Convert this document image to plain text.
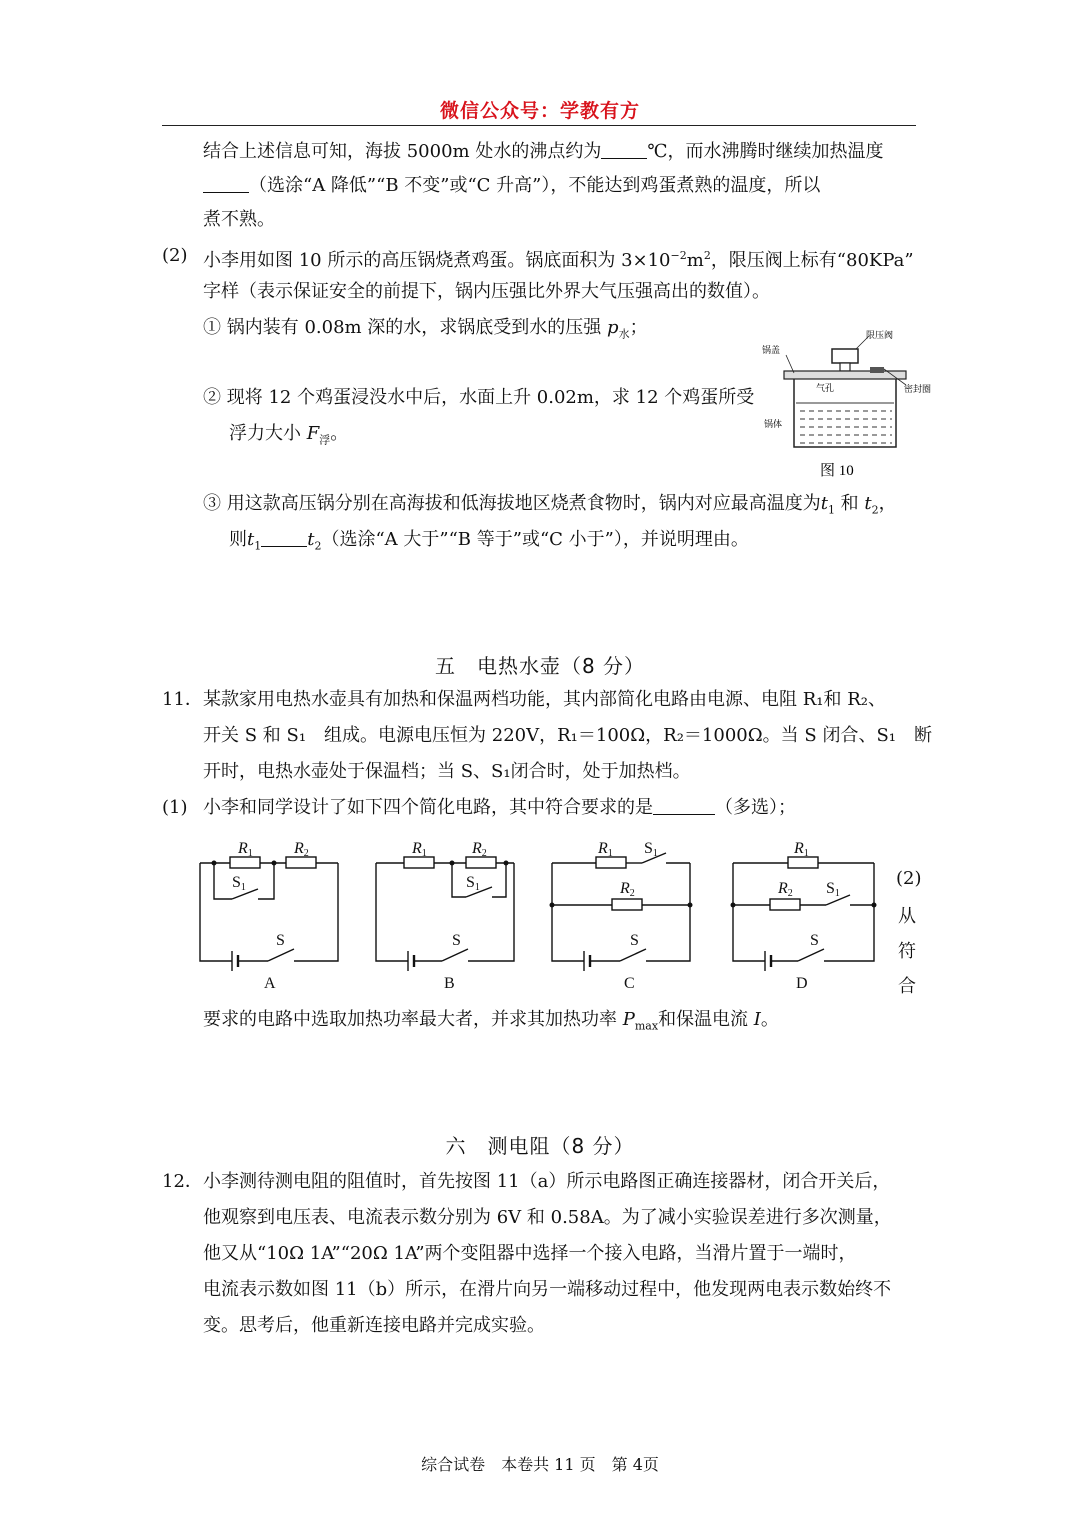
微信公众号：学教有方
结合上述信息可知，海拔 5000m 处水的沸点约为	℃，而水沸腾时继续加热温度
（选涂“A 降低”“B 不变”或“C 升高”），不能达到鸡蛋煮熟的温度，所以
煮不熟。
(2) 小李用如图 10 所示的高压锅烧煮鸡蛋。锅底面积为 $3\times 10^{-2}m^2$，限压阀上标有“80KPa”
字样（表示保证安全的前提下，锅内压强比外界大气压强高出的数值）。
① 锅内装有 0.08m 深的水，求锅底受到水的压强 $p_水$；
② 现将 12 个鸡蛋浸没水中后，水面上升 0.02m，求 12 个鸡蛋所受
浮力大小 $F_浮$。
限压阀
锅盖
气孔	密封圈
锅体
图 10
③ 用这款高压锅分别在高海拔和低海拔地区烧煮食物时，锅内对应最高温度为$t_1$ 和 $t_2$，
则$t_1$	$t_2$（选涂“A 大于”“B 等于”或“C 小于”），并说明理由。
五　电热水壶（8 分）
11． 某款家用电热水壶具有加热和保温两档功能，其内部简化电路由电源、电阻 R₁和 R₂、
开关 S 和 S₁　组成。电源电压恒为 220V，R₁＝100Ω，R₂＝1000Ω。当 S 闭合、S₁　断
开时，电热水壶处于保温档；当 S、S₁闭合时，处于加热档。
(1) 小李和同学设计了如下四个简化电路，其中符合要求的是	（多选）；
R1	R2
S1
S
A
R1	R2
S1
S
B
R1 S1
R2
S
C
R1
R2 S1
S
D
(2)
从
符
合
要求的电路中选取加热功率最大者，并求其加热功率 $P_{max}$和保温电流 I。
六　测电阻（8 分）
12． 小李测待测电阻的阻值时，首先按图 11（a）所示电路图正确连接器材，闭合开关后，
他观察到电压表、电流表示数分别为 6V 和 0.58A。为了减小实验误差进行多次测量，
他又从“10Ω 1A”“20Ω 1A”两个变阻器中选择一个接入电路，当滑片置于一端时，
电流表示数如图 11（b）所示，在滑片向另一端移动过程中，他发现两电表示数始终不
变。思考后，他重新连接电路并完成实验。
综合试卷　本卷共 11 页　第 4页
